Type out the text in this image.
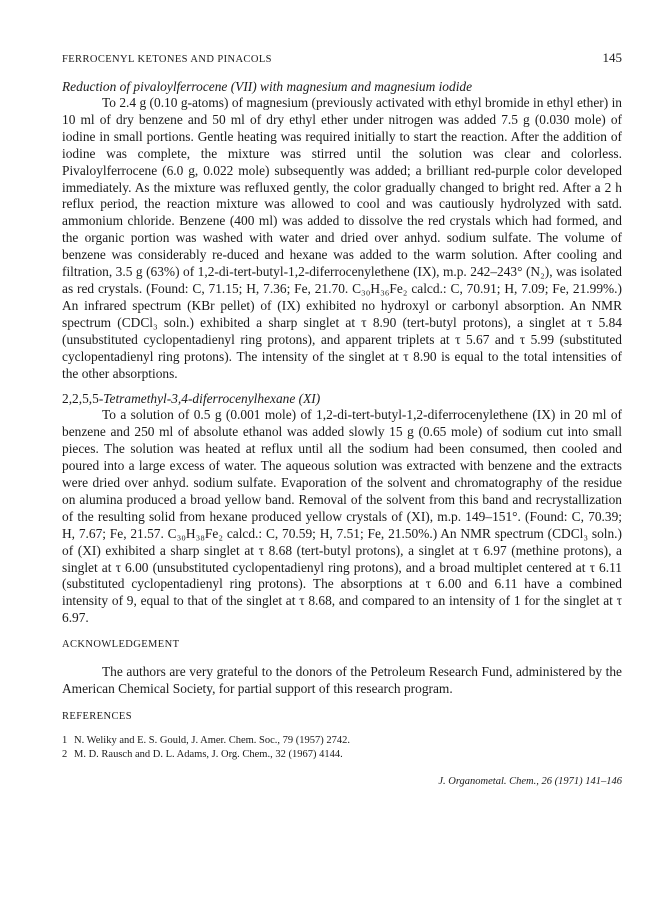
FERROCENYL KETONES AND PINACOLS	145
Reduction of pivaloylferrocene (VII) with magnesium and magnesium iodide

To 2.4 g (0.10 g-atoms) of magnesium (previously activated with ethyl bromide in ethyl ether) in 10 ml of dry benzene and 50 ml of dry ethyl ether under nitrogen was added 7.5 g (0.030 mole) of iodine in small portions. Gentle heating was required initially to start the reaction. After the addition of iodine was complete, the mixture was stirred until the solution was clear and colorless. Pivaloylferrocene (6.0 g, 0.022 mole) subsequently was added; a brilliant red-purple color developed immediately. As the mixture was refluxed gently, the color gradually changed to bright red. After a 2 h reflux period, the reaction mixture was allowed to cool and was cautiously hydrolyzed with satd. ammonium chloride. Benzene (400 ml) was added to dissolve the red crystals which had formed, and the organic portion was washed with water and dried over anhyd. sodium sulfate. The volume of benzene was considerably re-duced and hexane was added to the warm solution. After cooling and filtration, 3.5 g (63%) of 1,2-di-tert-butyl-1,2-diferrocenylethene (IX), m.p. 242–243° (N₂), was isolated as red crystals. (Found: C, 71.15; H, 7.36; Fe, 21.70. C₃₀H₃₆Fe₂ calcd.: C, 70.91; H, 7.09; Fe, 21.99%.) An infrared spectrum (KBr pellet) of (IX) exhibited no hydroxyl or carbonyl absorption. An NMR spectrum (CDCl₃ soln.) exhibited a sharp singlet at τ 8.90 (tert-butyl protons), a singlet at τ 5.84 (unsubstituted cyclopentadienyl ring protons), and apparent triplets at τ 5.67 and τ 5.99 (substituted cyclopentadienyl ring protons). The intensity of the singlet at τ 8.90 is equal to the total intensities of the other absorptions.

2,2,5,5-Tetramethyl-3,4-diferrocenylhexane (XI)

To a solution of 0.5 g (0.001 mole) of 1,2-di-tert-butyl-1,2-diferrocenylethene (IX) in 20 ml of benzene and 250 ml of absolute ethanol was added slowly 15 g (0.65 mole) of sodium cut into small pieces. The solution was heated at reflux until all the sodium had been consumed, then cooled and poured into a large excess of water. The aqueous solution was extracted with benzene and the extracts were dried over anhyd. sodium sulfate. Evaporation of the solvent and chromatography of the residue on alumina produced a broad yellow band. Removal of the solvent from this band and recrystallization of the resulting solid from hexane produced yellow crystals of (XI), m.p. 149–151°. (Found: C, 70.39; H, 7.67; Fe, 21.57. C₃₀H₃₈Fe₂ calcd.: C, 70.59; H, 7.51; Fe, 21.50%.) An NMR spectrum (CDCl₃ soln.) of (XI) exhibited a sharp singlet at τ 8.68 (tert-butyl protons), a singlet at τ 6.97 (methine protons), a singlet at τ 6.00 (unsubstituted cyclopentadienyl ring protons), and a broad multiplet centered at τ 6.11 (substituted cyclopentadienyl ring protons). The absorptions at τ 6.00 and 6.11 have a combined intensity of 9, equal to that of the singlet at τ 8.68, and compared to an intensity of 1 for the singlet at τ 6.97.

ACKNOWLEDGEMENT

The authors are very grateful to the donors of the Petroleum Research Fund, administered by the American Chemical Society, for partial support of this research program.

REFERENCES
1 N. Weliky and E. S. Gould, J. Amer. Chem. Soc., 79 (1957) 2742.
2 M. D. Rausch and D. L. Adams, J. Org. Chem., 32 (1967) 4144.
J. Organometal. Chem., 26 (1971) 141–146
